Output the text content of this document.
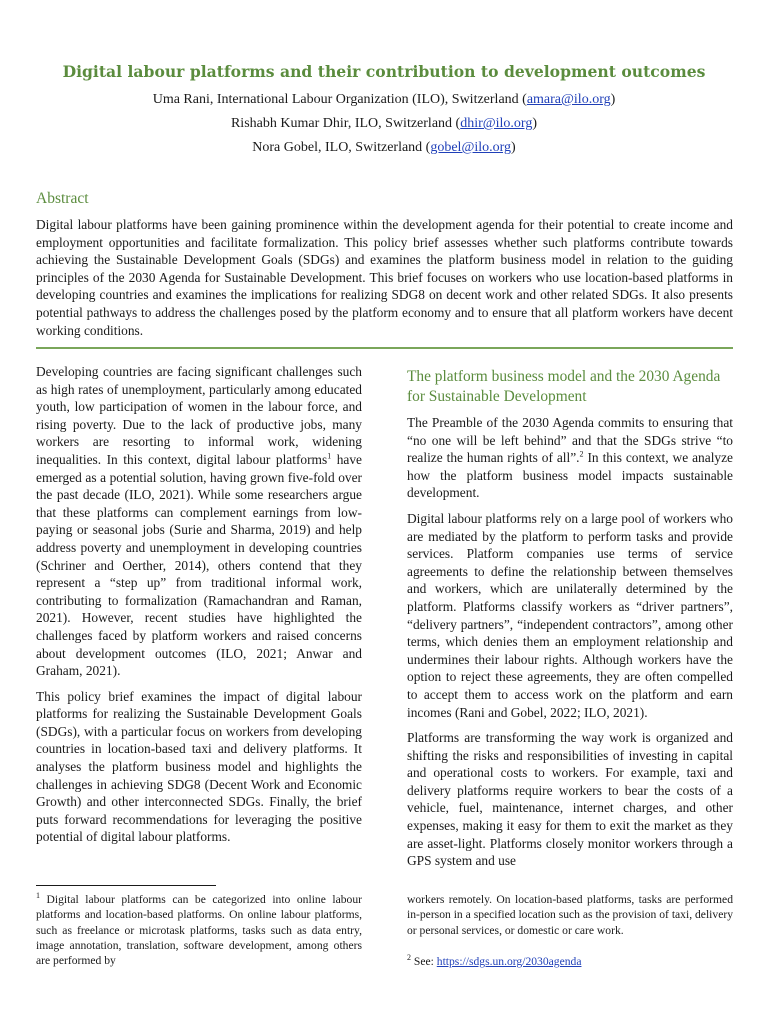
Digital labour platforms and their contribution to development outcomes
Uma Rani, International Labour Organization (ILO), Switzerland (amara@ilo.org)
Rishabh Kumar Dhir, ILO, Switzerland (dhir@ilo.org)
Nora Gobel, ILO, Switzerland (gobel@ilo.org)
Abstract

Digital labour platforms have been gaining prominence within the development agenda for their potential to create income and employment opportunities and facilitate formalization. This policy brief assesses whether such platforms contribute towards achieving the Sustainable Development Goals (SDGs) and examines the platform business model in relation to the guiding principles of the 2030 Agenda for Sustainable Development. This brief focuses on workers who use location-based platforms in developing countries and examines the implications for realizing SDG8 on decent work and other related SDGs. It also presents potential pathways to address the challenges posed by the platform economy and to ensure that all platform workers have decent working conditions.

Developing countries are facing significant challenges such as high rates of unemployment, particularly among educated youth, low participation of women in the labour force, and rising poverty. Due to the lack of productive jobs, many workers are resorting to informal work, widening inequalities. In this context, digital labour platforms$^1$ have emerged as a potential solution, having grown five-fold over the past decade (ILO, 2021). While some researchers argue that these platforms can complement earnings from low-paying or seasonal jobs (Surie and Sharma, 2019) and help address poverty and unemployment in developing countries (Schriner and Oerther, 2014), others contend that they represent a “step up” from traditional informal work, contributing to formalization (Ramachandran and Raman, 2021). However, recent studies have highlighted the challenges faced by platform workers and raised concerns about development outcomes (ILO, 2021; Anwar and Graham, 2021).

This policy brief examines the impact of digital labour platforms for realizing the Sustainable Development Goals (SDGs), with a particular focus on workers from developing countries in location-based taxi and delivery platforms. It analyses the platform business model and highlights the challenges in achieving SDG8 (Decent Work and Economic Growth) and other interconnected SDGs. Finally, the brief puts forward recommendations for leveraging the positive potential of digital labour platforms.

The platform business model and the 2030 Agenda for Sustainable Development

The Preamble of the 2030 Agenda commits to ensuring that “no one will be left behind” and that the SDGs strive “to realize the human rights of all”.$^2$ In this context, we analyze how the platform business model impacts sustainable development.

Digital labour platforms rely on a large pool of workers who are mediated by the platform to perform tasks and provide services. Platform companies use terms of service agreements to define the relationship between themselves and workers, which are unilaterally determined by the platform. Platforms classify workers as “driver partners”, “delivery partners”, “independent contractors”, among other terms, which denies them an employment relationship and undermines their labour rights. Although workers have the option to reject these agreements, they are often compelled to accept them to access work on the platform and earn incomes (Rani and Gobel, 2022; ILO, 2021).

Platforms are transforming the way work is organized and shifting the risks and responsibilities of investing in capital and operational costs to workers. For example, taxi and delivery platforms require workers to bear the costs of a vehicle, fuel, maintenance, internet charges, and other expenses, making it easy for them to exit the market as they are asset-light. Platforms closely monitor workers through a GPS system and use

$^1$ Digital labour platforms can be categorized into online labour platforms and location-based platforms. On online labour platforms, such as freelance or microtask platforms, tasks such as data entry, image annotation, translation, software development, among others are performed by
workers remotely. On location-based platforms, tasks are performed in-person in a specified location such as the provision of taxi, delivery or personal services, or domestic or care work.
$^2$ See: https://sdgs.un.org/2030agenda
